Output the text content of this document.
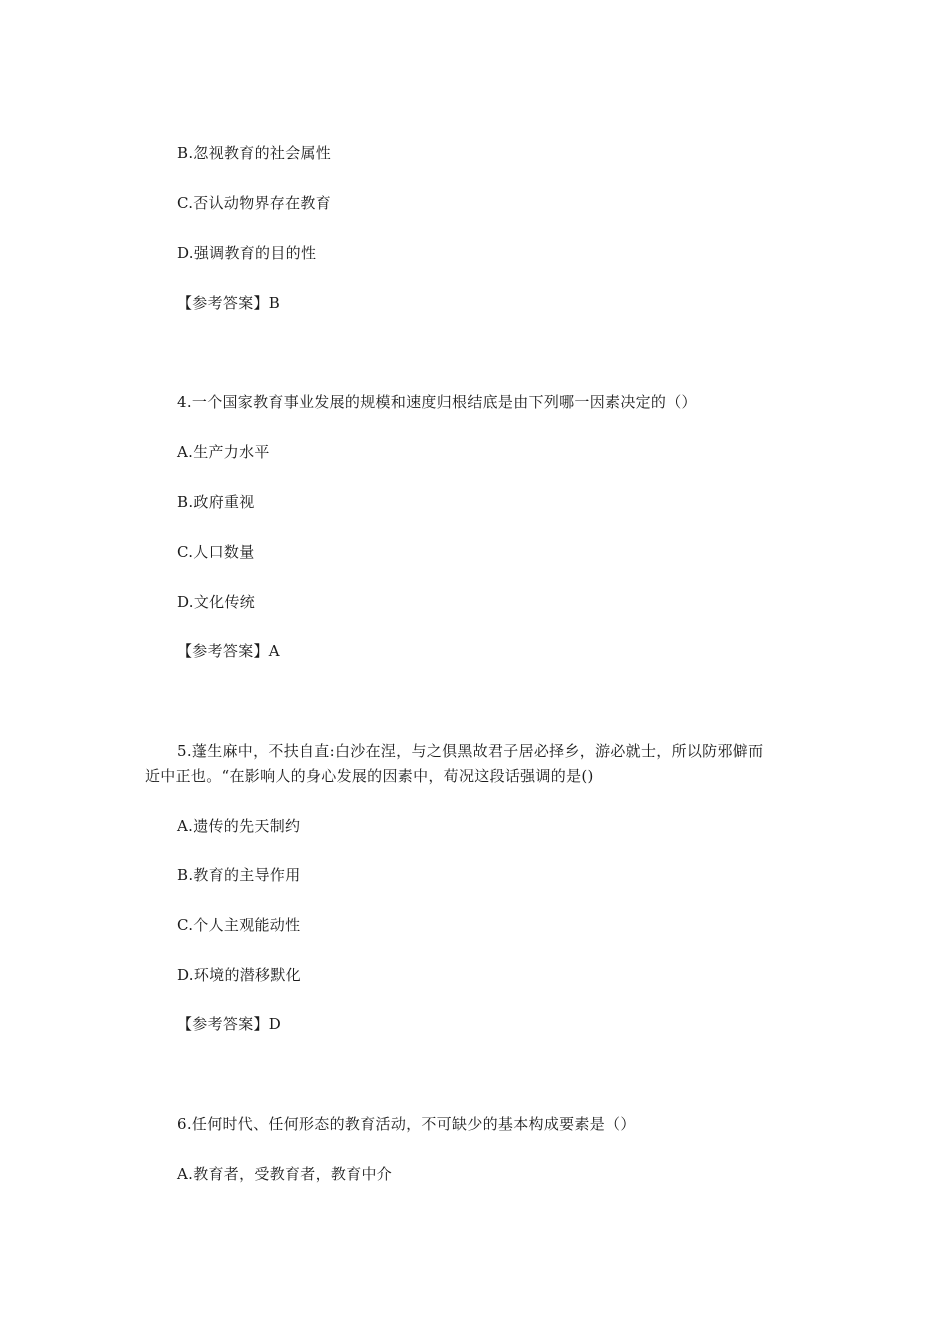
B.忽视教育的社会属性
C.否认动物界存在教育
D.强调教育的目的性
【参考答案】B
4.一个国家教育事业发展的规模和速度归根结底是由下列哪一因素决定的（）
A.生产力水平
B.政府重视
C.人口数量
D.文化传统
【参考答案】A
5.蓬生麻中，不扶自直:白沙在涅，与之俱黑故君子居必择乡，游必就士，所以防邪僻而
近中正也。“在影响人的身心发展的因素中，荀况这段话强调的是()
A.遗传的先天制约
B.教育的主导作用
C.个人主观能动性
D.环境的潜移默化
【参考答案】D
6.任何时代、任何形态的教育活动，不可缺少的基本构成要素是（）
A.教育者，受教育者，教育中介
